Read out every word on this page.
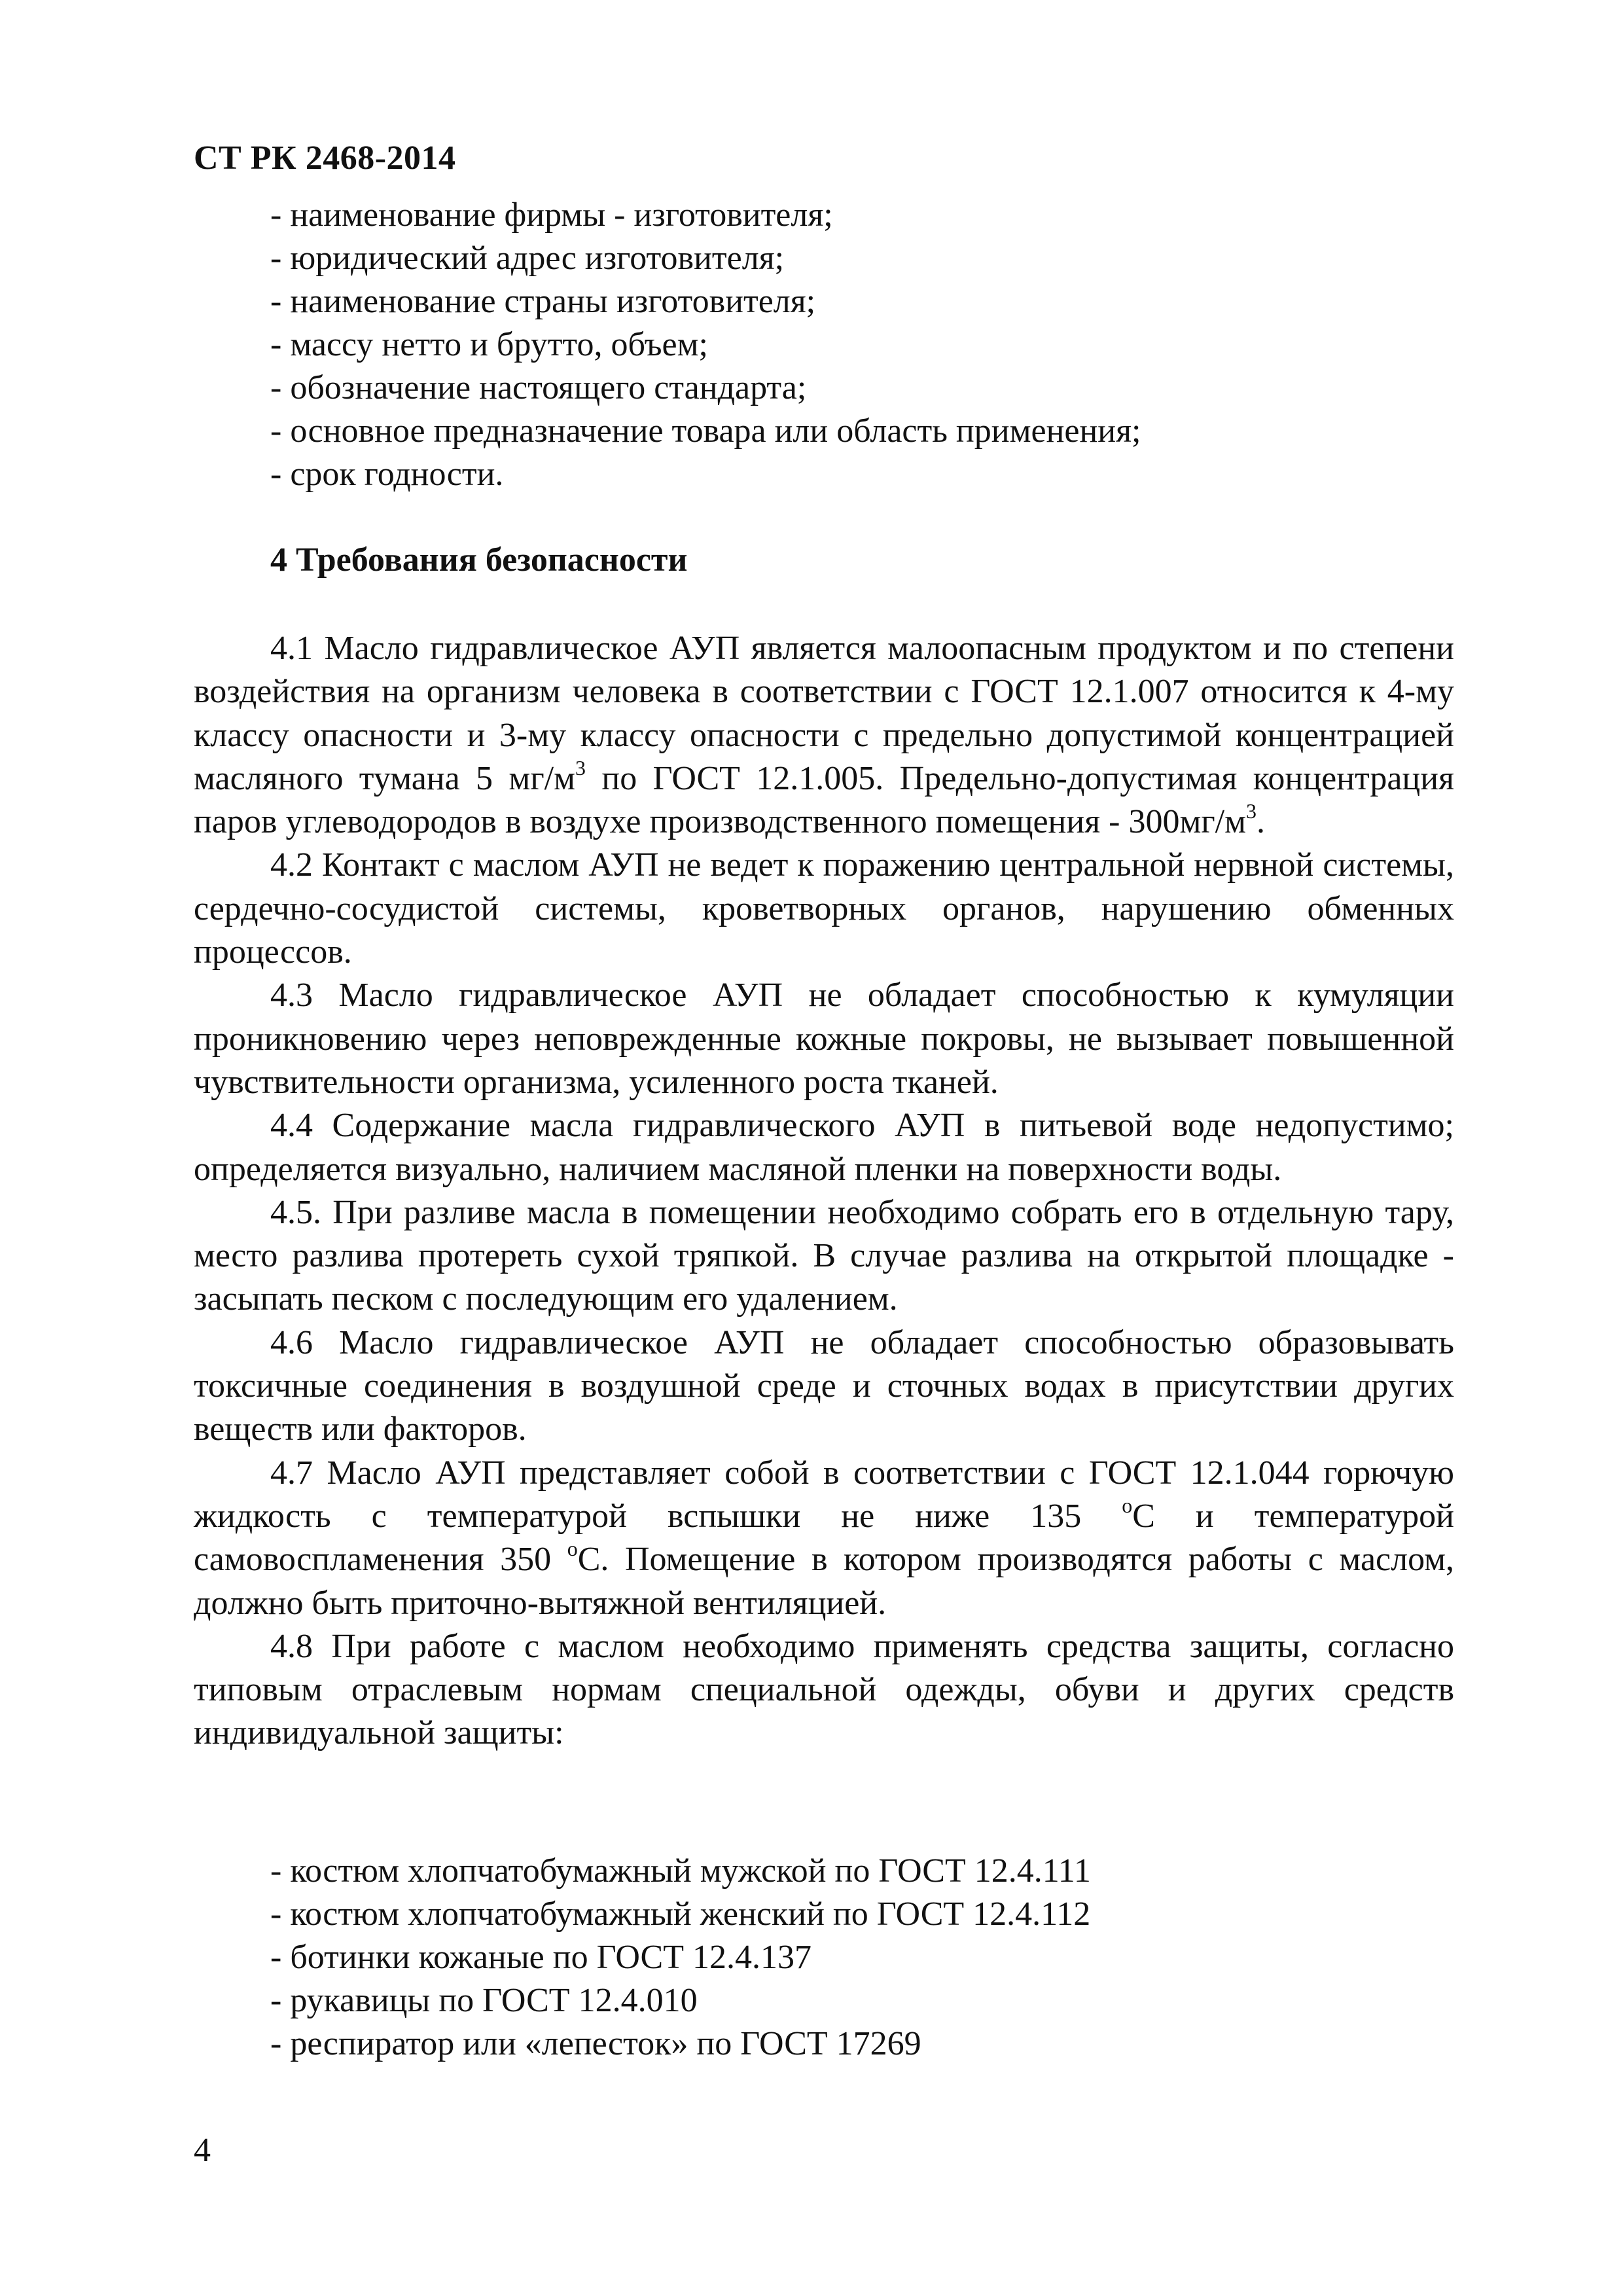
СТ РК 2468-2014
- наименование фирмы - изготовителя;
- юридический адрес изготовителя;
- наименование страны изготовителя;
- массу нетто и брутто, объем;
- обозначение настоящего стандарта;
- основное предназначение товара или область применения;
- срок годности.
4 Требования безопасности

4.1 Масло гидравлическое АУП является малоопасным продуктом и по степени воздействия на организм человека в соответствии с ГОСТ 12.1.007 относится к 4-му классу опасности и 3-му классу опасности с предельно допустимой концентрацией масляного тумана 5 $мг/м^3$ по ГОСТ 12.1.005. Предельно-допустимая концентрация паров углеводородов в воздухе производственного помещения - $300мг/м^3$.

4.2 Контакт с маслом АУП не ведет к поражению центральной нервной системы, сердечно-сосудистой системы, кроветворных органов, нарушению обменных процессов.

4.3 Масло гидравлическое АУП не обладает способностью к кумуляции проникновению через неповрежденные кожные покровы, не вызывает повышенной чувствительности организма, усиленного роста тканей.

4.4 Содержание масла гидравлического АУП в питьевой воде недопустимо; определяется визуально, наличием масляной пленки на поверхности воды.

4.5. При разливе масла в помещении необходимо собрать его в отдельную тару, место разлива протереть сухой тряпкой. В случае разлива на открытой площадке - засыпать песком с последующим его удалением.

4.6 Масло гидравлическое АУП не обладает способностью образовывать токсичные соединения в воздушной среде и сточных водах в присутствии других веществ или факторов.

4.7 Масло АУП представляет собой в соответствии с ГОСТ 12.1.044 горючую жидкость с температурой вспышки не ниже 135 $^о$С и температурой самовоспламенения 350 $^о$С. Помещение в котором производятся работы с маслом, должно быть приточно-вытяжной вентиляцией.

4.8 При работе с маслом необходимо применять средства защиты, согласно типовым отраслевым нормам специальной одежды, обуви и других средств индивидуальной защиты:

- костюм хлопчатобумажный мужской по ГОСТ 12.4.111
- костюм хлопчатобумажный женский по ГОСТ 12.4.112
- ботинки кожаные по ГОСТ 12.4.137
- рукавицы по ГОСТ 12.4.010
- респиратор или «лепесток» по ГОСТ 17269
4
